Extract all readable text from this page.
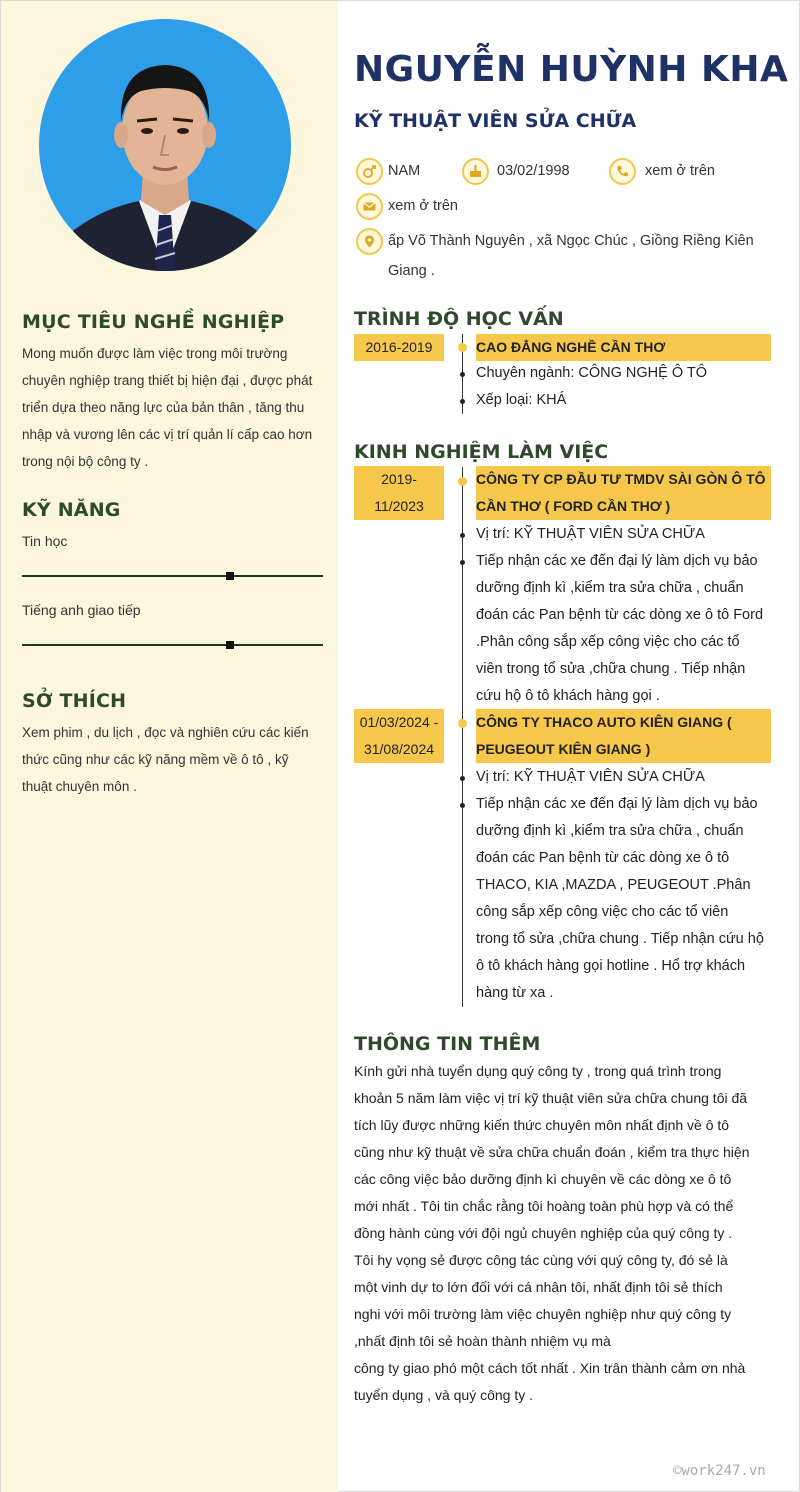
MỤC TIÊU NGHỀ NGHIỆP
Mong muốn được làm việc trong môi trường
chuyên nghiệp trang thiết bị hiện đại , được phát
triển dựa theo năng lực của bản thân , tăng thu
nhập và vương lên các vị trí quản lí cấp cao hơn
trong nội bộ công ty .
KỸ NĂNG
Tin học
Tiếng anh giao tiếp
SỞ THÍCH
Xem phim , du lịch , đọc và nghiên cứu các kiến
thức cũng như các kỹ năng mềm về ô tô , kỹ
thuật chuyên môn .
NGUYỄN HUỲNH KHA
KỸ THUẬT VIÊN SỬA CHỮA
NAM	03/02/1998	xem ở trên
xem ở trên
ấp Võ Thành Nguyên , xã Ngọc Chúc , Giồng Riềng Kiên
Giang .
TRÌNH ĐỘ HỌC VẤN
2016-2019	CAO ĐẲNG NGHỀ CẦN THƠ
Chuyên ngành: CÔNG NGHỆ Ô TÔ
Xếp loại: KHÁ
KINH NGHIỆM LÀM VIỆC
2019-
11/2023
CÔNG TY CP ĐẦU TƯ TMDV SÀI GÒN Ô TÔ
CẦN THƠ ( FORD CẦN THƠ )
Vị trí: KỸ THUẬT VIÊN SỬA CHỮA
Tiếp nhận các xe đến đại lý làm dịch vụ bảo
dưỡng định kì ,kiểm tra sửa chữa , chuẩn
đoán các Pan bệnh từ các dòng xe ô tô Ford
.Phân công sắp xếp công việc cho các tổ
viên trong tổ sửa ,chữa chung . Tiếp nhận
cứu hộ ô tô khách hàng gọi .
01/03/2024 -
31/08/2024
CÔNG TY THACO AUTO KIÊN GIANG (
PEUGEOUT KIÊN GIANG )
Vị trí: KỸ THUẬT VIÊN SỬA CHỮA
Tiếp nhận các xe đến đại lý làm dịch vụ bảo
dưỡng định kì ,kiểm tra sửa chữa , chuẩn
đoán các Pan bệnh từ các dòng xe ô tô
THACO, KIA ,MAZDA , PEUGEOUT .Phân
công sắp xếp công việc cho các tổ viên
trong tổ sửa ,chữa chung . Tiếp nhận cứu hộ
ô tô khách hàng gọi hotline . Hổ trợ khách
hàng từ xa .
THÔNG TIN THÊM
Kính gửi nhà tuyển dụng quý công ty , trong quá trình trong
khoản 5 năm làm việc vị trí kỹ thuật viên sửa chữa chung tôi đã
tích lũy được những kiến thức chuyên môn nhất định về ô tô
cũng như kỹ thuật về sửa chữa chuẩn đoán , kiểm tra thực hiện
các công việc bảo dưỡng định kì chuyên về các dòng xe ô tô
mới nhất . Tôi tin chắc rằng tôi hoàng toàn phù hợp và có thể
đồng hành cùng với đội ngủ chuyên nghiệp của quý công ty .
Tôi hy vọng sẻ được công tác cùng với quý công ty, đó sẻ là
một vinh dự to lớn đối với cá nhân tôi, nhất định tôi sẻ thích
nghi với môi trường làm việc chuyên nghiệp như quý công ty
,nhất định tôi sẻ hoàn thành nhiệm vụ mà
công ty giao phó một cách tốt nhất . Xin trân thành cảm ơn nhà
tuyển dụng , và quý công ty .
©work247.vn
